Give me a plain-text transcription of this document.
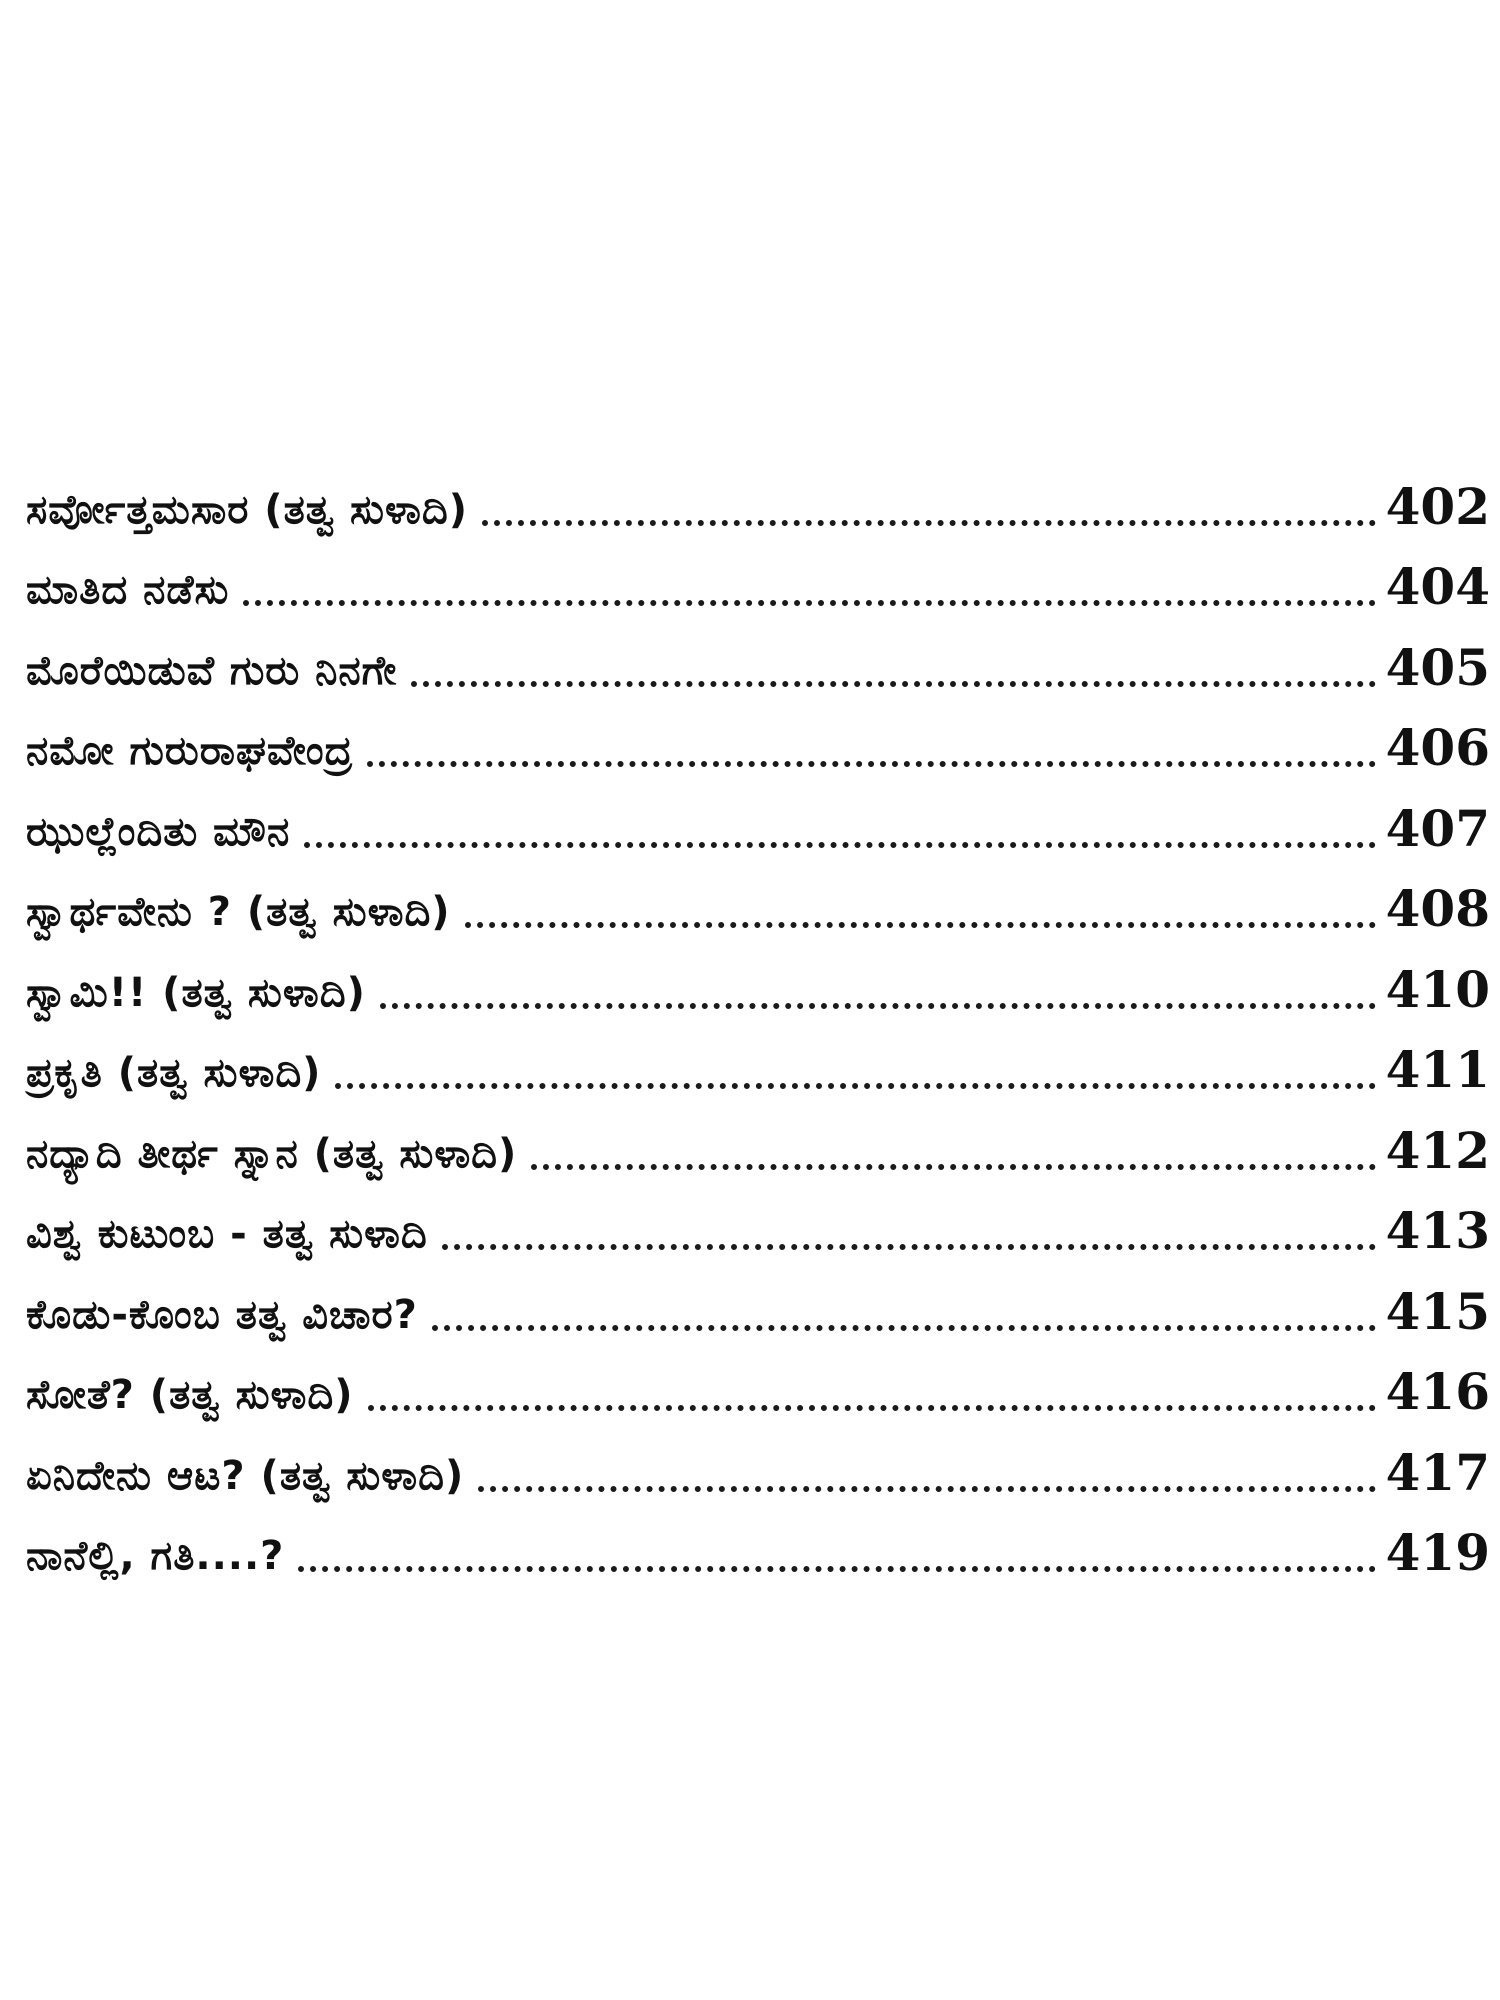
ಸರ್ವೋತ್ತಮಸಾರ (ತತ್ವ ಸುಳಾದಿ)	402
ಮಾತಿದ ನಡೆಸು	404
ಮೊರೆಯಿಡುವೆ ಗುರು ನಿನಗೇ	405
ನಮೋ ಗುರುರಾಘವೇಂದ್ರ	406
ಝುಲ್ಲೆಂದಿತು ಮೌನ	407
ಸ್ವಾರ್ಥವೇನು ? (ತತ್ವ ಸುಳಾದಿ)	408
ಸ್ವಾಮಿ!! (ತತ್ವ ಸುಳಾದಿ)	410
ಪ್ರಕೃತಿ (ತತ್ವ ಸುಳಾದಿ)	411
ನದ್ಯಾದಿ ತೀರ್ಥ ಸ್ನಾನ (ತತ್ವ ಸುಳಾದಿ)	412
ವಿಶ್ವ ಕುಟುಂಬ - ತತ್ವ ಸುಳಾದಿ	413
ಕೊಡು-ಕೊಂಬ ತತ್ವ ವಿಚಾರ?	415
ಸೋತೆ? (ತತ್ವ ಸುಳಾದಿ)	416
ಏನಿದೇನು ಆಟ? (ತತ್ವ ಸುಳಾದಿ)	417
ನಾನೆಲ್ಲಿ, ಗತಿ....?	419
